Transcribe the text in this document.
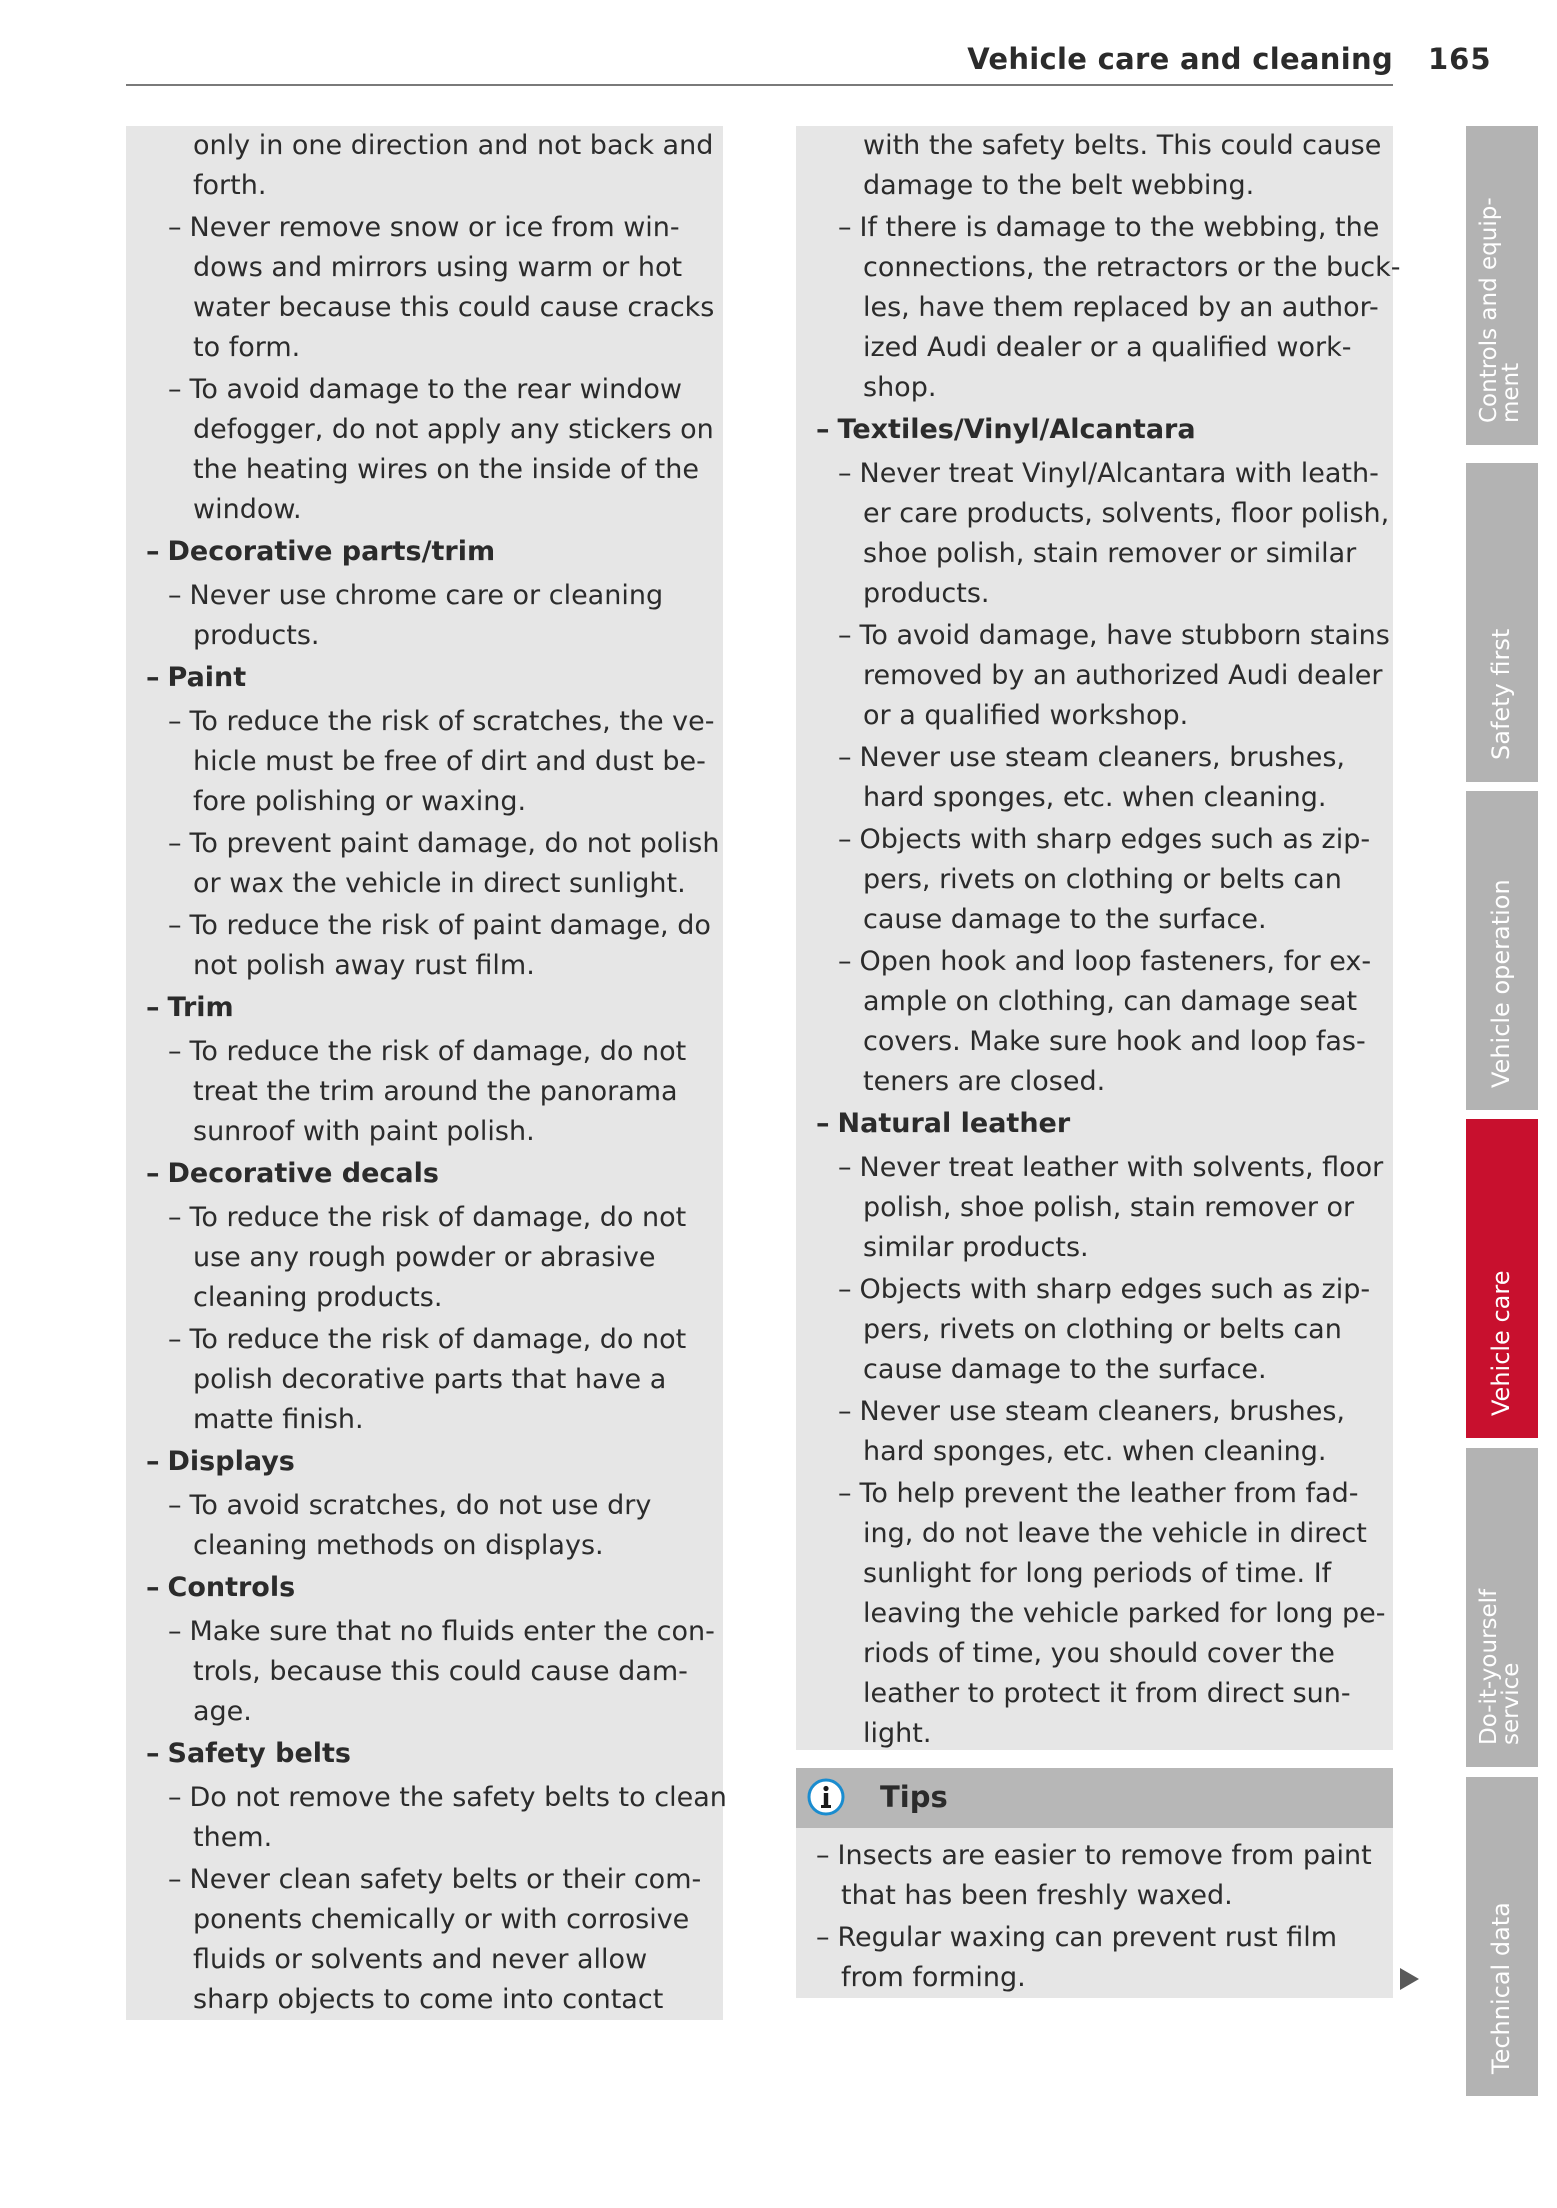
Vehicle care and cleaning 165
only in one direction and not back and
forth.
– Never remove snow or ice from win-
dows and mirrors using warm or hot
water because this could cause cracks
to form.
– To avoid damage to the rear window
defogger, do not apply any stickers on
the heating wires on the inside of the
window.
– Decorative parts/trim
– Never use chrome care or cleaning
products.
– Paint
– To reduce the risk of scratches, the ve-
hicle must be free of dirt and dust be-
fore polishing or waxing.
– To prevent paint damage, do not polish
or wax the vehicle in direct sunlight.
– To reduce the risk of paint damage, do
not polish away rust film.
– Trim
– To reduce the risk of damage, do not
treat the trim around the panorama
sunroof with paint polish.
– Decorative decals
– To reduce the risk of damage, do not
use any rough powder or abrasive
cleaning products.
– To reduce the risk of damage, do not
polish decorative parts that have a
matte finish.
– Displays
– To avoid scratches, do not use dry
cleaning methods on displays.
– Controls
– Make sure that no fluids enter the con-
trols, because this could cause dam-
age.
– Safety belts
– Do not remove the safety belts to clean
them.
– Never clean safety belts or their com-
ponents chemically or with corrosive
fluids or solvents and never allow
sharp objects to come into contact
with the safety belts. This could cause
damage to the belt webbing.
– If there is damage to the webbing, the
connections, the retractors or the buck-
les, have them replaced by an author-
ized Audi dealer or a qualified work-
shop.
– Textiles/Vinyl/Alcantara
– Never treat Vinyl/Alcantara with leath-
er care products, solvents, floor polish,
shoe polish, stain remover or similar
products.
– To avoid damage, have stubborn stains
removed by an authorized Audi dealer
or a qualified workshop.
– Never use steam cleaners, brushes,
hard sponges, etc. when cleaning.
– Objects with sharp edges such as zip-
pers, rivets on clothing or belts can
cause damage to the surface.
– Open hook and loop fasteners, for ex-
ample on clothing, can damage seat
covers. Make sure hook and loop fas-
teners are closed.
– Natural leather
– Never treat leather with solvents, floor
polish, shoe polish, stain remover or
similar products.
– Objects with sharp edges such as zip-
pers, rivets on clothing or belts can
cause damage to the surface.
– Never use steam cleaners, brushes,
hard sponges, etc. when cleaning.
– To help prevent the leather from fad-
ing, do not leave the vehicle in direct
sunlight for long periods of time. If
leaving the vehicle parked for long pe-
riods of time, you should cover the
leather to protect it from direct sun-
light.
Tips
– Insects are easier to remove from paint
that has been freshly waxed.
– Regular waxing can prevent rust film
from forming.
Controls and equip-
ment
Safety first
Vehicle operation
Vehicle care
Do-it-yourself
service
Technical data
